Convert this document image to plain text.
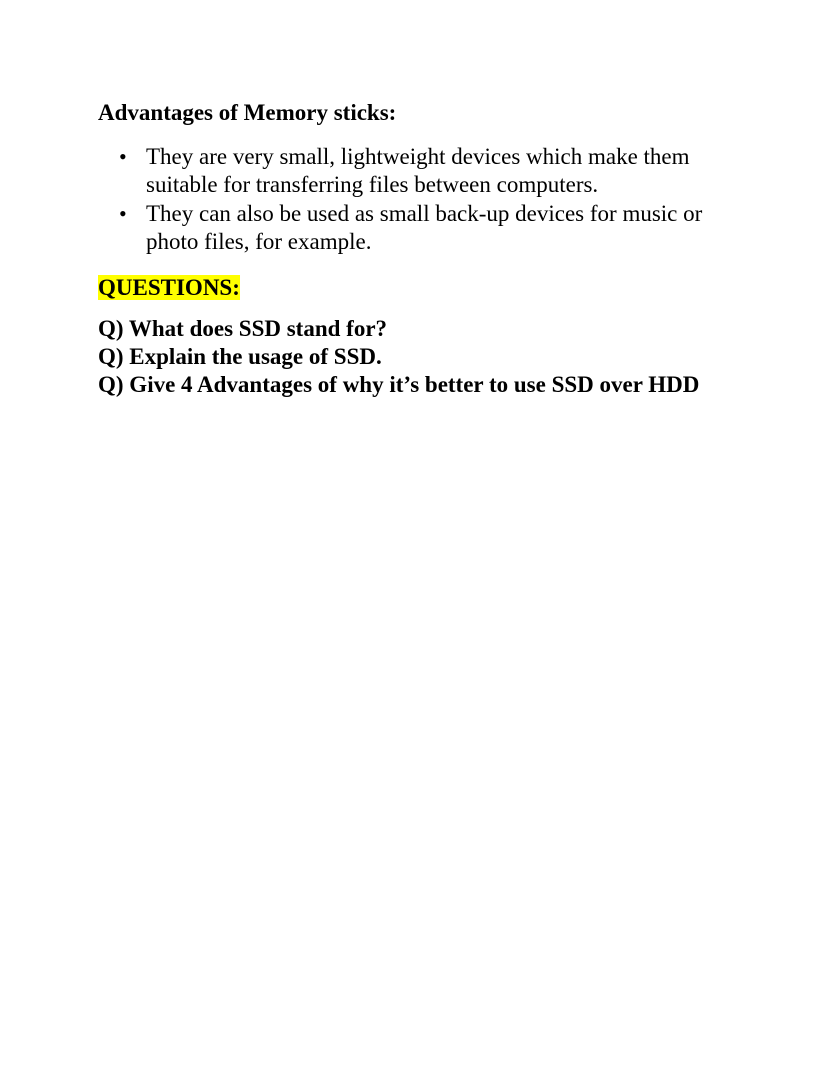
Advantages of Memory sticks:

• They are very small, lightweight devices which make them suitable for transferring files between computers.
• They can also be used as small back-up devices for music or photo files, for example.
QUESTIONS:

Q) What does SSD stand for?

Q) Explain the usage of SSD.

Q) Give 4 Advantages of why it’s better to use SSD over HDD
